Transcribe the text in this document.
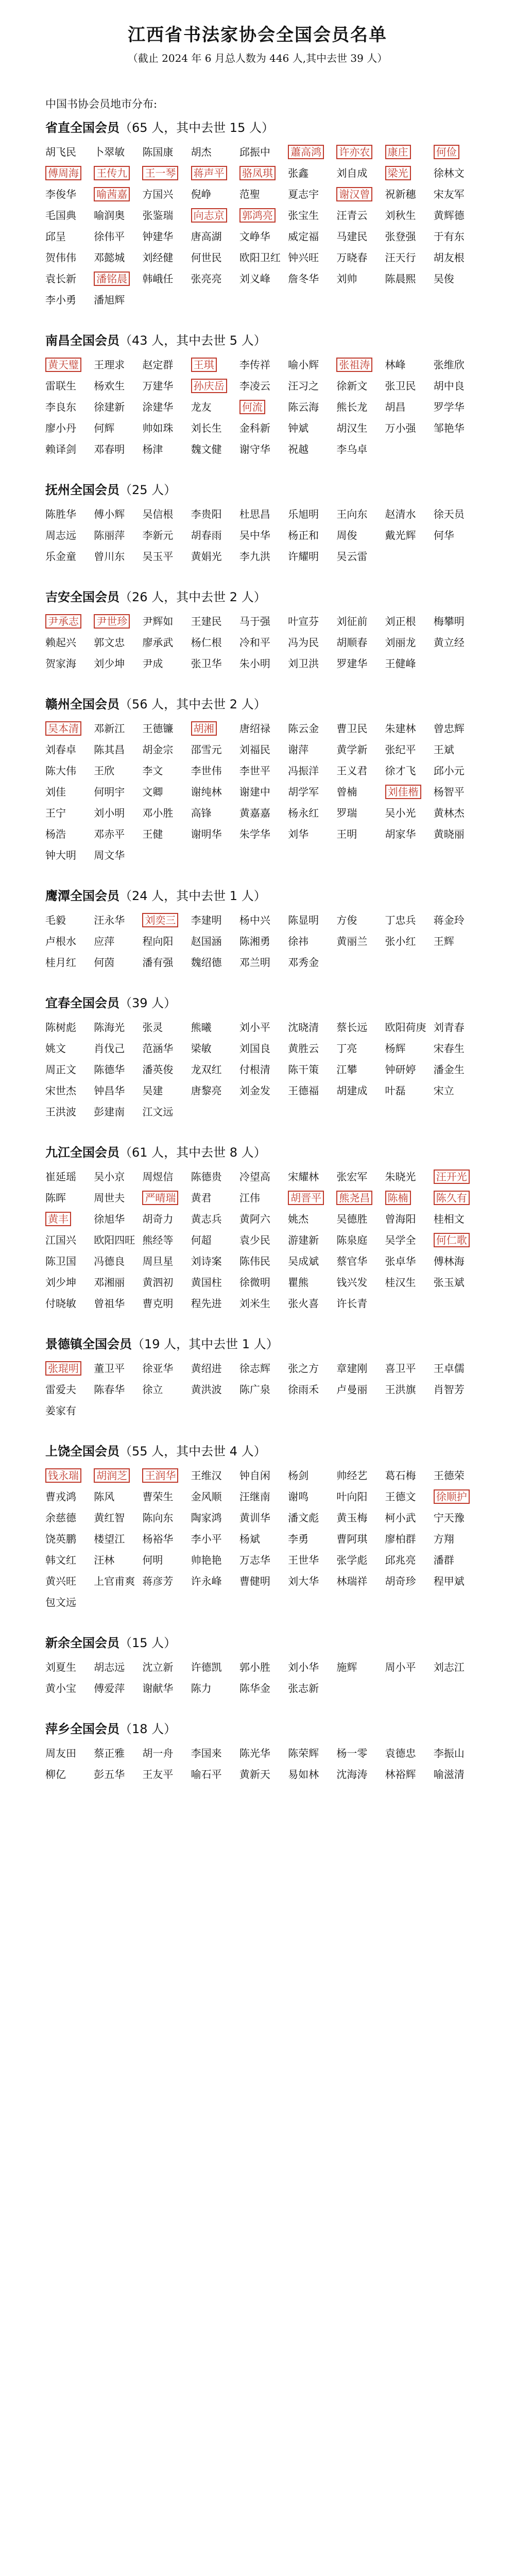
江西省书法家协会全国会员名单
（截止 2024 年 6 月总人数为 446 人,其中去世 39 人）
中国书协会员地市分布:
省直全国会员（65 人，其中去世 15 人）
胡飞民	卜翠敏	陈国康	胡杰	邱振中	蕭高鸿	许亦农	康庄	何俭
傅周海	王传九	王一琴	蒋声平	骆凤琪	张鑫	刘自成	梁光	徐林文
李俊华	喻茜嘉	方国兴	倪峥	范聖	夏志宇	谢汉曾	祝新穗	宋友军
毛国典	喻润奥	张鉴瑞	向志京	郭鸿亮	张宝生	汪青云	刘秋生	黄辉德
邱呈	徐伟平	钟建华	唐高湖	文峥华	威定福	马建民	张登强	于有东
贺伟伟	邓懿城	刘经健	何世民	欧阳卫红 钟兴旺	万晓春	汪天行	胡友根
袁长新	潘铭晨	韩峨任	张亮亮	刘义峰	詹冬华	刘帅	陈晨熙	吴俊
李小勇	潘旭辉
南昌全国会员（43 人，其中去世 5 人）
黄天璧	王理求	赵定群	王琪	李传祥	喻小辉	张祖涛	林峰	张维欣
雷联生	杨欢生	万建华	孙庆岳	李凌云	汪习之	徐新文	张卫民	胡中良
李良东	徐建新	涂建华	龙友	何流	陈云海	熊长龙	胡昌	罗学华
廖小丹	何辉	帅如珠	刘长生	金科新	钟斌	胡汉生	万小强	邹艳华
赖译剑	邓春明	杨津	魏文健	谢守华	祝越	李乌卓
抚州全国会员（25 人）
陈胜华	傅小辉	吴信根	李贵阳	杜思昌	乐旭明	王向东	赵清水	徐天员
周志远	陈丽萍	李新元	胡春雨	吴中华	杨正和	周俊	戴光辉	何华
乐金童	曾川东	吴玉平	黄娟光	李九洪	许耀明	吴云雷
吉安全国会员（26 人，其中去世 2 人）
尹承志	尹世珍	尹辉如	王建民	马于强	叶宣芬	刘征前	刘正根	梅攀明
赖起兴	郭文忠	廖承武	杨仁根	冷和平	冯为民	胡顺春	刘丽龙	黄立经
贺家海	刘少坤	尹成	张卫华	朱小明	刘卫洪	罗建华	王健峰
赣州全国会员（56 人，其中去世 2 人）
吴本清	邓新江	王德镰	胡湘	唐绍禄	陈云金	曹卫民	朱建林	曾忠辉
刘春卓	陈其昌	胡金宗	邵雪元	刘福民	谢萍	黄学新	张纪平	王斌
陈大伟	王欣	李文	李世伟	李世平	冯振洋	王义君	徐才飞	邱小元
刘佳	何明宇	文卿	谢纯林	谢建中	胡学军	曾楠	刘佳楷	杨智平
王宁	刘小明	邓小胜	高锋	黄嘉嘉	杨永红	罗瑞	吴小光	黄林杰
杨浩	邓赤平	王健	谢明华	朱学华	刘华	王明	胡家华	黄晓丽
钟大明	周文华
鹰潭全国会员（24 人，其中去世 1 人）
毛毅	汪永华	刘奕三	李建明	杨中兴	陈显明	方俊	丁忠兵	蒋金玲
卢根水	应萍	程向阳	赵国涵	陈湘勇	徐祎	黄丽兰	张小红	王辉
桂月红	何茵	潘有强	魏绍德	邓兰明	邓秀金
宜春全国会员（39 人）
陈树彪	陈海光	张灵	熊曦	刘小平	沈晓清	蔡长远	欧阳荷庚 刘青春
姚文	肖伐己	范涵华	梁敏	刘国良	黄胜云	丁亮	杨辉	宋春生
周正文	陈德华	潘英俊	龙双红	付根清	陈干策	江攀	钟研婷	潘金生
宋世杰	钟昌华	吴建	唐黎亮	刘金发	王德福	胡建成	叶磊	宋立
王洪波	彭建南	江文远
九江全国会员（61 人，其中去世 8 人）
崔延瑶	吴小京	周煜信	陈德贵	冷望高	宋耀林	张宏军	朱晓光	汪开光
陈晖	周世夫	严晴瑞	黄君	江伟	胡晋平	熊尧昌	陈楠	陈久有
黄丰	徐旭华	胡奇力	黄志兵	黄阿六	姚杰	吴德胜	曾海阳	桂相文
江国兴	欧阳四旺 熊经等	何超	袁少民	游建新	陈泉庭	吴学全	何仁歌
陈卫国	冯德良	周旦星	刘诗案	陈伟民	吴成斌	蔡官华	张卓华	傅林海
刘少坤	邓湘丽	黄泗初	黄国柱	徐微明	瞿熊	钱兴发	桂汉生	张玉斌
付晓敏	曾祖华	曹克明	程先进	刘米生	张火喜	许长青
景德镇全国会员（19 人，其中去世 1 人）
张琨明	董卫平	徐亚华	黄绍进	徐志辉	张之方	章建刚	喜卫平	王卓儒
雷爱夫	陈春华	徐立	黄洪波	陈广泉	徐雨禾	卢曼丽	王洪旗	肖智芳
姜家有
上饶全国会员（55 人，其中去世 4 人）
钱永瑞	胡润芝	王润华	王维汉	钟自闲	杨剑	帅经艺	葛石梅	王德荣
曹戎鸿	陈风	曹荣生	金风顺	汪继南	谢鸣	叶向阳	王德文	徐顺护
余慈德	黄红智	陈向东	陶家鸿	黄训华	潘文彪	黄玉梅	柯小武	宁天豫
饶英鹏	楼望江	杨裕华	李小平	杨斌	李勇	曹阿琪	廖柏群	方翔
韩文红	汪林	何明	帅艳艳	万志华	王世华	张学彪	邱兆亮	潘群
黄兴旺	上官甫爽 蒋彦芳	许永峰	曹健明	刘大华	林瑞祥	胡奇珍	程甲斌
包文远
新余全国会员（15 人）
刘夏生	胡志远	沈立新	许德凯	郭小胜	刘小华	施辉	周小平	刘志江
黄小宝	傅爱萍	谢献华	陈力	陈华金	张志新
萍乡全国会员（18 人）
周友田	蔡正雅	胡一舟	李国来	陈光华	陈荣辉	杨一零	袁德忠	李振山
柳亿	彭五华	王友平	喻石平	黄新天	易如林	沈海涛	林裕辉	喻滋清
